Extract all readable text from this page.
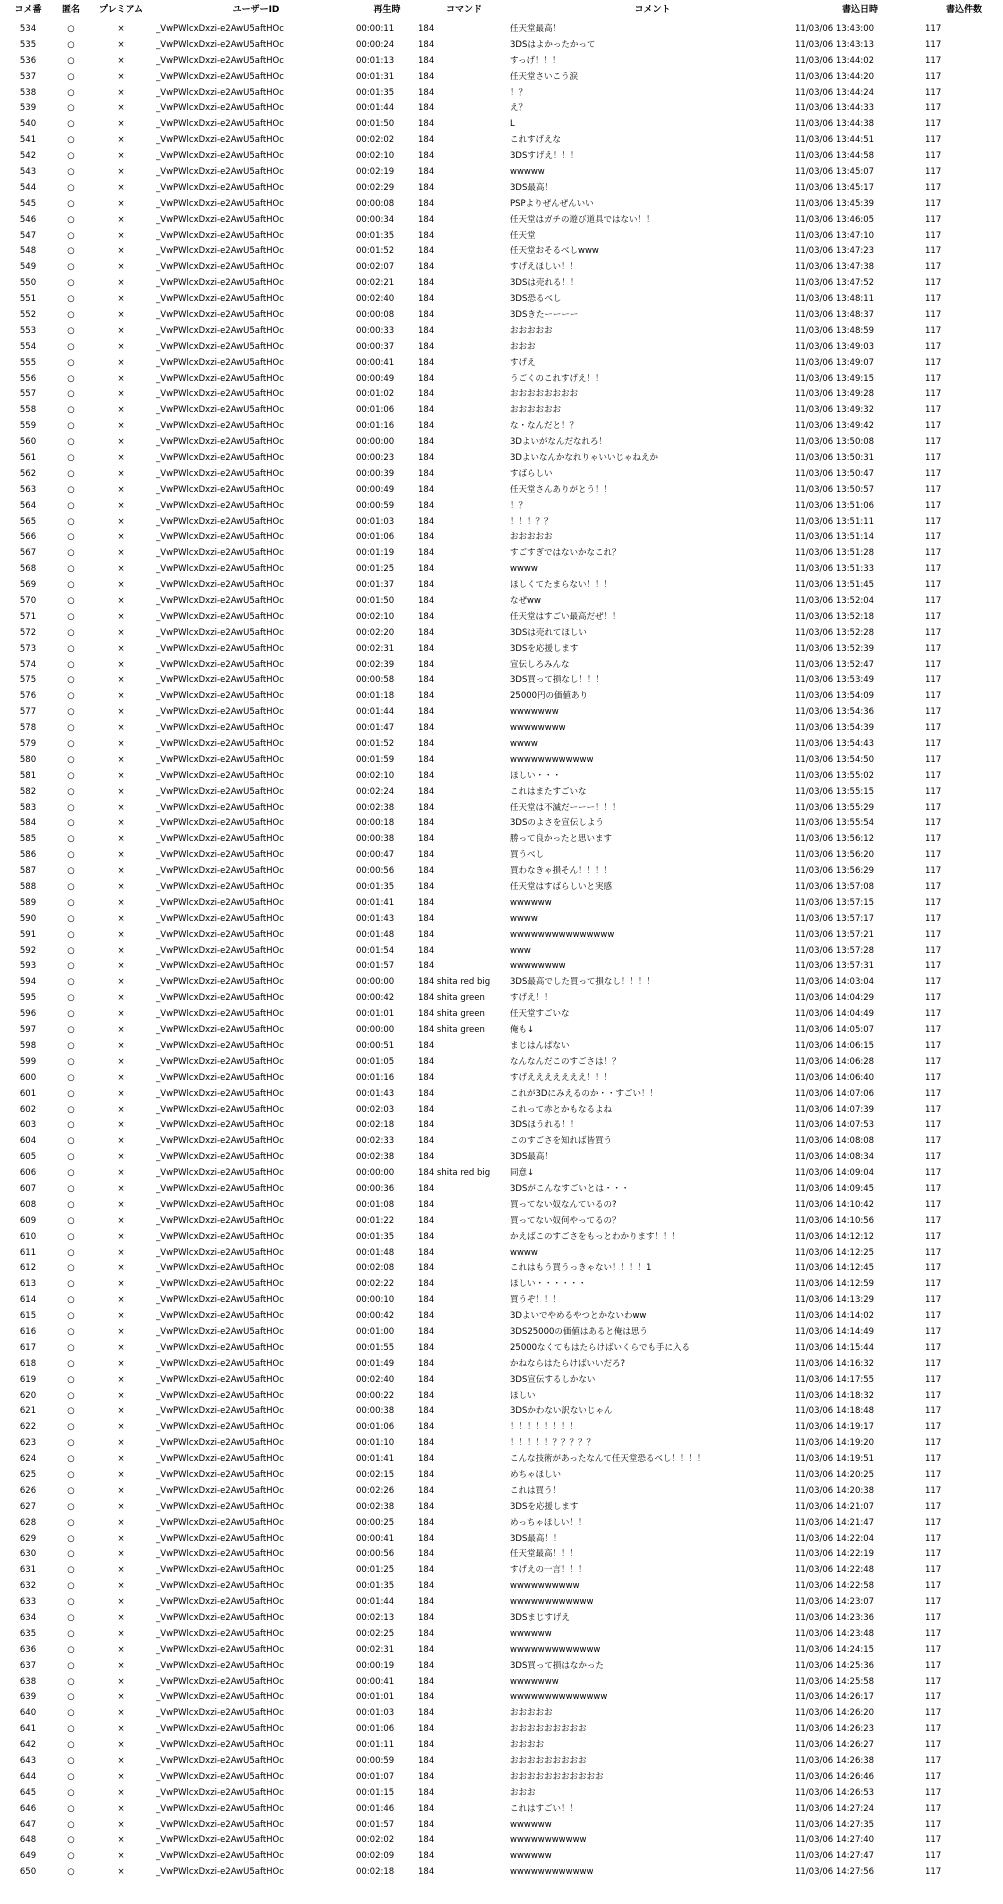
コメ番	匿名	プレミアム	ユーザーID	再生時	コマンド	コメント	書込日時	書込件数
534	○	×	_VwPWlcxDxzi-e2AwU5aftHOc	00:00:11	184	任天堂最高！	11/03/06 13:43:00	117
535	○	×	_VwPWlcxDxzi-e2AwU5aftHOc	00:00:24	184	3DSはよかったかって	11/03/06 13:43:13	117
536	○	×	_VwPWlcxDxzi-e2AwU5aftHOc	00:01:13	184	すっげ！！！	11/03/06 13:44:02	117
537	○	×	_VwPWlcxDxzi-e2AwU5aftHOc	00:01:31	184	任天堂さいこう涙	11/03/06 13:44:20	117
538	○	×	_VwPWlcxDxzi-e2AwU5aftHOc	00:01:35	184	！？	11/03/06 13:44:24	117
539	○	×	_VwPWlcxDxzi-e2AwU5aftHOc	00:01:44	184	え？	11/03/06 13:44:33	117
540	○	×	_VwPWlcxDxzi-e2AwU5aftHOc	00:01:50	184	L	11/03/06 13:44:38	117
541	○	×	_VwPWlcxDxzi-e2AwU5aftHOc	00:02:02	184	これすげえな	11/03/06 13:44:51	117
542	○	×	_VwPWlcxDxzi-e2AwU5aftHOc	00:02:10	184	3DSすげえ！！！	11/03/06 13:44:58	117
543	○	×	_VwPWlcxDxzi-e2AwU5aftHOc	00:02:19	184	wwwww	11/03/06 13:45:07	117
544	○	×	_VwPWlcxDxzi-e2AwU5aftHOc	00:02:29	184	3DS最高！	11/03/06 13:45:17	117
545	○	×	_VwPWlcxDxzi-e2AwU5aftHOc	00:00:08	184	PSPよりぜんぜんいい	11/03/06 13:45:39	117
546	○	×	_VwPWlcxDxzi-e2AwU5aftHOc	00:00:34	184	任天堂はガチの遊び道具ではない！！	11/03/06 13:46:05	117
547	○	×	_VwPWlcxDxzi-e2AwU5aftHOc	00:01:35	184	任天堂	11/03/06 13:47:10	117
548	○	×	_VwPWlcxDxzi-e2AwU5aftHOc	00:01:52	184	任天堂おそるべしwww	11/03/06 13:47:23	117
549	○	×	_VwPWlcxDxzi-e2AwU5aftHOc	00:02:07	184	すげえほしい！！	11/03/06 13:47:38	117
550	○	×	_VwPWlcxDxzi-e2AwU5aftHOc	00:02:21	184	3DSは売れる！！	11/03/06 13:47:52	117
551	○	×	_VwPWlcxDxzi-e2AwU5aftHOc	00:02:40	184	3DS恐るべし	11/03/06 13:48:11	117
552	○	×	_VwPWlcxDxzi-e2AwU5aftHOc	00:00:08	184	3DSきたーーーー	11/03/06 13:48:37	117
553	○	×	_VwPWlcxDxzi-e2AwU5aftHOc	00:00:33	184	おおおおお	11/03/06 13:48:59	117
554	○	×	_VwPWlcxDxzi-e2AwU5aftHOc	00:00:37	184	おおお	11/03/06 13:49:03	117
555	○	×	_VwPWlcxDxzi-e2AwU5aftHOc	00:00:41	184	すげえ	11/03/06 13:49:07	117
556	○	×	_VwPWlcxDxzi-e2AwU5aftHOc	00:00:49	184	うごくのこれすげえ！！	11/03/06 13:49:15	117
557	○	×	_VwPWlcxDxzi-e2AwU5aftHOc	00:01:02	184	おおおおおおおお	11/03/06 13:49:28	117
558	○	×	_VwPWlcxDxzi-e2AwU5aftHOc	00:01:06	184	おおおおおお	11/03/06 13:49:32	117
559	○	×	_VwPWlcxDxzi-e2AwU5aftHOc	00:01:16	184	な・なんだと！？	11/03/06 13:49:42	117
560	○	×	_VwPWlcxDxzi-e2AwU5aftHOc	00:00:00	184	3Dよいがなんだなれろ！	11/03/06 13:50:08	117
561	○	×	_VwPWlcxDxzi-e2AwU5aftHOc	00:00:23	184	3Dよいなんかなれりゃいいじゃねえか	11/03/06 13:50:31	117
562	○	×	_VwPWlcxDxzi-e2AwU5aftHOc	00:00:39	184	すばらしい	11/03/06 13:50:47	117
563	○	×	_VwPWlcxDxzi-e2AwU5aftHOc	00:00:49	184	任天堂さんありがとう！！	11/03/06 13:50:57	117
564	○	×	_VwPWlcxDxzi-e2AwU5aftHOc	00:00:59	184	！？	11/03/06 13:51:06	117
565	○	×	_VwPWlcxDxzi-e2AwU5aftHOc	00:01:03	184	！！！？？	11/03/06 13:51:11	117
566	○	×	_VwPWlcxDxzi-e2AwU5aftHOc	00:01:06	184	おおおおお	11/03/06 13:51:14	117
567	○	×	_VwPWlcxDxzi-e2AwU5aftHOc	00:01:19	184	すごすぎではないかなこれ？	11/03/06 13:51:28	117
568	○	×	_VwPWlcxDxzi-e2AwU5aftHOc	00:01:25	184	wwww	11/03/06 13:51:33	117
569	○	×	_VwPWlcxDxzi-e2AwU5aftHOc	00:01:37	184	ほしくてたまらない！！！	11/03/06 13:51:45	117
570	○	×	_VwPWlcxDxzi-e2AwU5aftHOc	00:01:50	184	なぜww	11/03/06 13:52:04	117
571	○	×	_VwPWlcxDxzi-e2AwU5aftHOc	00:02:10	184	任天堂はすごい最高だぜ！！	11/03/06 13:52:18	117
572	○	×	_VwPWlcxDxzi-e2AwU5aftHOc	00:02:20	184	3DSは売れてほしい	11/03/06 13:52:28	117
573	○	×	_VwPWlcxDxzi-e2AwU5aftHOc	00:02:31	184	3DSを応援します	11/03/06 13:52:39	117
574	○	×	_VwPWlcxDxzi-e2AwU5aftHOc	00:02:39	184	宣伝しろみんな	11/03/06 13:52:47	117
575	○	×	_VwPWlcxDxzi-e2AwU5aftHOc	00:00:58	184	3DS買って損なし！！！	11/03/06 13:53:49	117
576	○	×	_VwPWlcxDxzi-e2AwU5aftHOc	00:01:18	184	25000円の価値あり	11/03/06 13:54:09	117
577	○	×	_VwPWlcxDxzi-e2AwU5aftHOc	00:01:44	184	wwwwwww	11/03/06 13:54:36	117
578	○	×	_VwPWlcxDxzi-e2AwU5aftHOc	00:01:47	184	wwwwwwww	11/03/06 13:54:39	117
579	○	×	_VwPWlcxDxzi-e2AwU5aftHOc	00:01:52	184	wwww	11/03/06 13:54:43	117
580	○	×	_VwPWlcxDxzi-e2AwU5aftHOc	00:01:59	184	wwwwwwwwwwww	11/03/06 13:54:50	117
581	○	×	_VwPWlcxDxzi-e2AwU5aftHOc	00:02:10	184	ほしい・・・	11/03/06 13:55:02	117
582	○	×	_VwPWlcxDxzi-e2AwU5aftHOc	00:02:24	184	これはまたすごいな	11/03/06 13:55:15	117
583	○	×	_VwPWlcxDxzi-e2AwU5aftHOc	00:02:38	184	任天堂は不滅だーーー！！！	11/03/06 13:55:29	117
584	○	×	_VwPWlcxDxzi-e2AwU5aftHOc	00:00:18	184	3DSのよさを宣伝しよう	11/03/06 13:55:54	117
585	○	×	_VwPWlcxDxzi-e2AwU5aftHOc	00:00:38	184	勝って良かったと思います	11/03/06 13:56:12	117
586	○	×	_VwPWlcxDxzi-e2AwU5aftHOc	00:00:47	184	買うべし	11/03/06 13:56:20	117
587	○	×	_VwPWlcxDxzi-e2AwU5aftHOc	00:00:56	184	買わなきゃ損そん！！！！	11/03/06 13:56:29	117
588	○	×	_VwPWlcxDxzi-e2AwU5aftHOc	00:01:35	184	任天堂はすばらしいと実感	11/03/06 13:57:08	117
589	○	×	_VwPWlcxDxzi-e2AwU5aftHOc	00:01:41	184	wwwwww	11/03/06 13:57:15	117
590	○	×	_VwPWlcxDxzi-e2AwU5aftHOc	00:01:43	184	wwww	11/03/06 13:57:17	117
591	○	×	_VwPWlcxDxzi-e2AwU5aftHOc	00:01:48	184	wwwwwwwwwwwwwww	11/03/06 13:57:21	117
592	○	×	_VwPWlcxDxzi-e2AwU5aftHOc	00:01:54	184	www	11/03/06 13:57:28	117
593	○	×	_VwPWlcxDxzi-e2AwU5aftHOc	00:01:57	184	wwwwwwww	11/03/06 13:57:31	117
594	○	×	_VwPWlcxDxzi-e2AwU5aftHOc	00:00:00	184 shita red big	3DS最高でした買って損なし！！！！	11/03/06 14:03:04	117
595	○	×	_VwPWlcxDxzi-e2AwU5aftHOc	00:00:42	184 shita green	すげえ！！	11/03/06 14:04:29	117
596	○	×	_VwPWlcxDxzi-e2AwU5aftHOc	00:01:01	184 shita green	任天堂すごいな	11/03/06 14:04:49	117
597	○	×	_VwPWlcxDxzi-e2AwU5aftHOc	00:00:00	184 shita green	俺も↓	11/03/06 14:05:07	117
598	○	×	_VwPWlcxDxzi-e2AwU5aftHOc	00:00:51	184	まじはんぱない	11/03/06 14:06:15	117
599	○	×	_VwPWlcxDxzi-e2AwU5aftHOc	00:01:05	184	なんなんだこのすごさは！？	11/03/06 14:06:28	117
600	○	×	_VwPWlcxDxzi-e2AwU5aftHOc	00:01:16	184	すげえええええええ！！！	11/03/06 14:06:40	117
601	○	×	_VwPWlcxDxzi-e2AwU5aftHOc	00:01:43	184	これが3Dにみえるのか・・すごい！！	11/03/06 14:07:06	117
602	○	×	_VwPWlcxDxzi-e2AwU5aftHOc	00:02:03	184	これって赤とかもなるよね	11/03/06 14:07:39	117
603	○	×	_VwPWlcxDxzi-e2AwU5aftHOc	00:02:18	184	3DSほうれる！！	11/03/06 14:07:53	117
604	○	×	_VwPWlcxDxzi-e2AwU5aftHOc	00:02:33	184	このすごさを知れば皆買う	11/03/06 14:08:08	117
605	○	×	_VwPWlcxDxzi-e2AwU5aftHOc	00:02:38	184	3DS最高！	11/03/06 14:08:34	117
606	○	×	_VwPWlcxDxzi-e2AwU5aftHOc	00:00:00	184 shita red big	同意↓	11/03/06 14:09:04	117
607	○	×	_VwPWlcxDxzi-e2AwU5aftHOc	00:00:36	184	3DSがこんなすごいとは・・・	11/03/06 14:09:45	117
608	○	×	_VwPWlcxDxzi-e2AwU5aftHOc	00:01:08	184	買ってない奴なんているの?	11/03/06 14:10:42	117
609	○	×	_VwPWlcxDxzi-e2AwU5aftHOc	00:01:22	184	買ってない奴何やってるの？	11/03/06 14:10:56	117
610	○	×	_VwPWlcxDxzi-e2AwU5aftHOc	00:01:35	184	かえばこのすごさをもっとわかります！！！	11/03/06 14:12:12	117
611	○	×	_VwPWlcxDxzi-e2AwU5aftHOc	00:01:48	184	wwww	11/03/06 14:12:25	117
612	○	×	_VwPWlcxDxzi-e2AwU5aftHOc	00:02:08	184	これはもう買うっきゃない！！！！1	11/03/06 14:12:45	117
613	○	×	_VwPWlcxDxzi-e2AwU5aftHOc	00:02:22	184	ほしい・・・・・・	11/03/06 14:12:59	117
614	○	×	_VwPWlcxDxzi-e2AwU5aftHOc	00:00:10	184	買うぞ！！！	11/03/06 14:13:29	117
615	○	×	_VwPWlcxDxzi-e2AwU5aftHOc	00:00:42	184	3Dよいでやめるやつとかないわww	11/03/06 14:14:02	117
616	○	×	_VwPWlcxDxzi-e2AwU5aftHOc	00:01:00	184	3DS25000の価値はあると俺は思う	11/03/06 14:14:49	117
617	○	×	_VwPWlcxDxzi-e2AwU5aftHOc	00:01:55	184	25000なくてもはたらけばいくらでも手に入る	11/03/06 14:15:44	117
618	○	×	_VwPWlcxDxzi-e2AwU5aftHOc	00:01:49	184	かねならはたらけばいいだろ?	11/03/06 14:16:32	117
619	○	×	_VwPWlcxDxzi-e2AwU5aftHOc	00:02:40	184	3DS宣伝するしかない	11/03/06 14:17:55	117
620	○	×	_VwPWlcxDxzi-e2AwU5aftHOc	00:00:22	184	ほしい	11/03/06 14:18:32	117
621	○	×	_VwPWlcxDxzi-e2AwU5aftHOc	00:00:38	184	3DSかわない訳ないじゃん	11/03/06 14:18:48	117
622	○	×	_VwPWlcxDxzi-e2AwU5aftHOc	00:01:06	184	！！！！！！！！	11/03/06 14:19:17	117
623	○	×	_VwPWlcxDxzi-e2AwU5aftHOc	00:01:10	184	！！！！！？？？？？	11/03/06 14:19:20	117
624	○	×	_VwPWlcxDxzi-e2AwU5aftHOc	00:01:41	184	こんな技術があったなんて任天堂恐るべし！！！！	11/03/06 14:19:51	117
625	○	×	_VwPWlcxDxzi-e2AwU5aftHOc	00:02:15	184	めちゃほしい	11/03/06 14:20:25	117
626	○	×	_VwPWlcxDxzi-e2AwU5aftHOc	00:02:26	184	これは買う！	11/03/06 14:20:38	117
627	○	×	_VwPWlcxDxzi-e2AwU5aftHOc	00:02:38	184	3DSを応援します	11/03/06 14:21:07	117
628	○	×	_VwPWlcxDxzi-e2AwU5aftHOc	00:00:25	184	めっちゃほしい！！	11/03/06 14:21:47	117
629	○	×	_VwPWlcxDxzi-e2AwU5aftHOc	00:00:41	184	3DS最高！！	11/03/06 14:22:04	117
630	○	×	_VwPWlcxDxzi-e2AwU5aftHOc	00:00:56	184	任天堂最高！！！	11/03/06 14:22:19	117
631	○	×	_VwPWlcxDxzi-e2AwU5aftHOc	00:01:25	184	すげえの一言！！！	11/03/06 14:22:48	117
632	○	×	_VwPWlcxDxzi-e2AwU5aftHOc	00:01:35	184	wwwwwwwwww	11/03/06 14:22:58	117
633	○	×	_VwPWlcxDxzi-e2AwU5aftHOc	00:01:44	184	wwwwwwwwwwww	11/03/06 14:23:07	117
634	○	×	_VwPWlcxDxzi-e2AwU5aftHOc	00:02:13	184	3DSまじすげえ	11/03/06 14:23:36	117
635	○	×	_VwPWlcxDxzi-e2AwU5aftHOc	00:02:25	184	wwwwww	11/03/06 14:23:48	117
636	○	×	_VwPWlcxDxzi-e2AwU5aftHOc	00:02:31	184	wwwwwwwwwwwww	11/03/06 14:24:15	117
637	○	×	_VwPWlcxDxzi-e2AwU5aftHOc	00:00:19	184	3DS買って損はなかった	11/03/06 14:25:36	117
638	○	×	_VwPWlcxDxzi-e2AwU5aftHOc	00:00:41	184	wwwwwww	11/03/06 14:25:58	117
639	○	×	_VwPWlcxDxzi-e2AwU5aftHOc	00:01:01	184	wwwwwwwwwwwwww	11/03/06 14:26:17	117
640	○	×	_VwPWlcxDxzi-e2AwU5aftHOc	00:01:03	184	おおおおお	11/03/06 14:26:20	117
641	○	×	_VwPWlcxDxzi-e2AwU5aftHOc	00:01:06	184	おおおおおおおおお	11/03/06 14:26:23	117
642	○	×	_VwPWlcxDxzi-e2AwU5aftHOc	00:01:11	184	おおおお	11/03/06 14:26:27	117
643	○	×	_VwPWlcxDxzi-e2AwU5aftHOc	00:00:59	184	おおおおおおおおお	11/03/06 14:26:38	117
644	○	×	_VwPWlcxDxzi-e2AwU5aftHOc	00:01:07	184	おおおおおおおおおおお	11/03/06 14:26:46	117
645	○	×	_VwPWlcxDxzi-e2AwU5aftHOc	00:01:15	184	おおお	11/03/06 14:26:53	117
646	○	×	_VwPWlcxDxzi-e2AwU5aftHOc	00:01:46	184	これはすごい！！	11/03/06 14:27:24	117
647	○	×	_VwPWlcxDxzi-e2AwU5aftHOc	00:01:57	184	wwwwww	11/03/06 14:27:35	117
648	○	×	_VwPWlcxDxzi-e2AwU5aftHOc	00:02:02	184	wwwwwwwwwww	11/03/06 14:27:40	117
649	○	×	_VwPWlcxDxzi-e2AwU5aftHOc	00:02:09	184	wwwwww	11/03/06 14:27:47	117
650	○	×	_VwPWlcxDxzi-e2AwU5aftHOc	00:02:18	184	wwwwwwwwwwww	11/03/06 14:27:56	117
